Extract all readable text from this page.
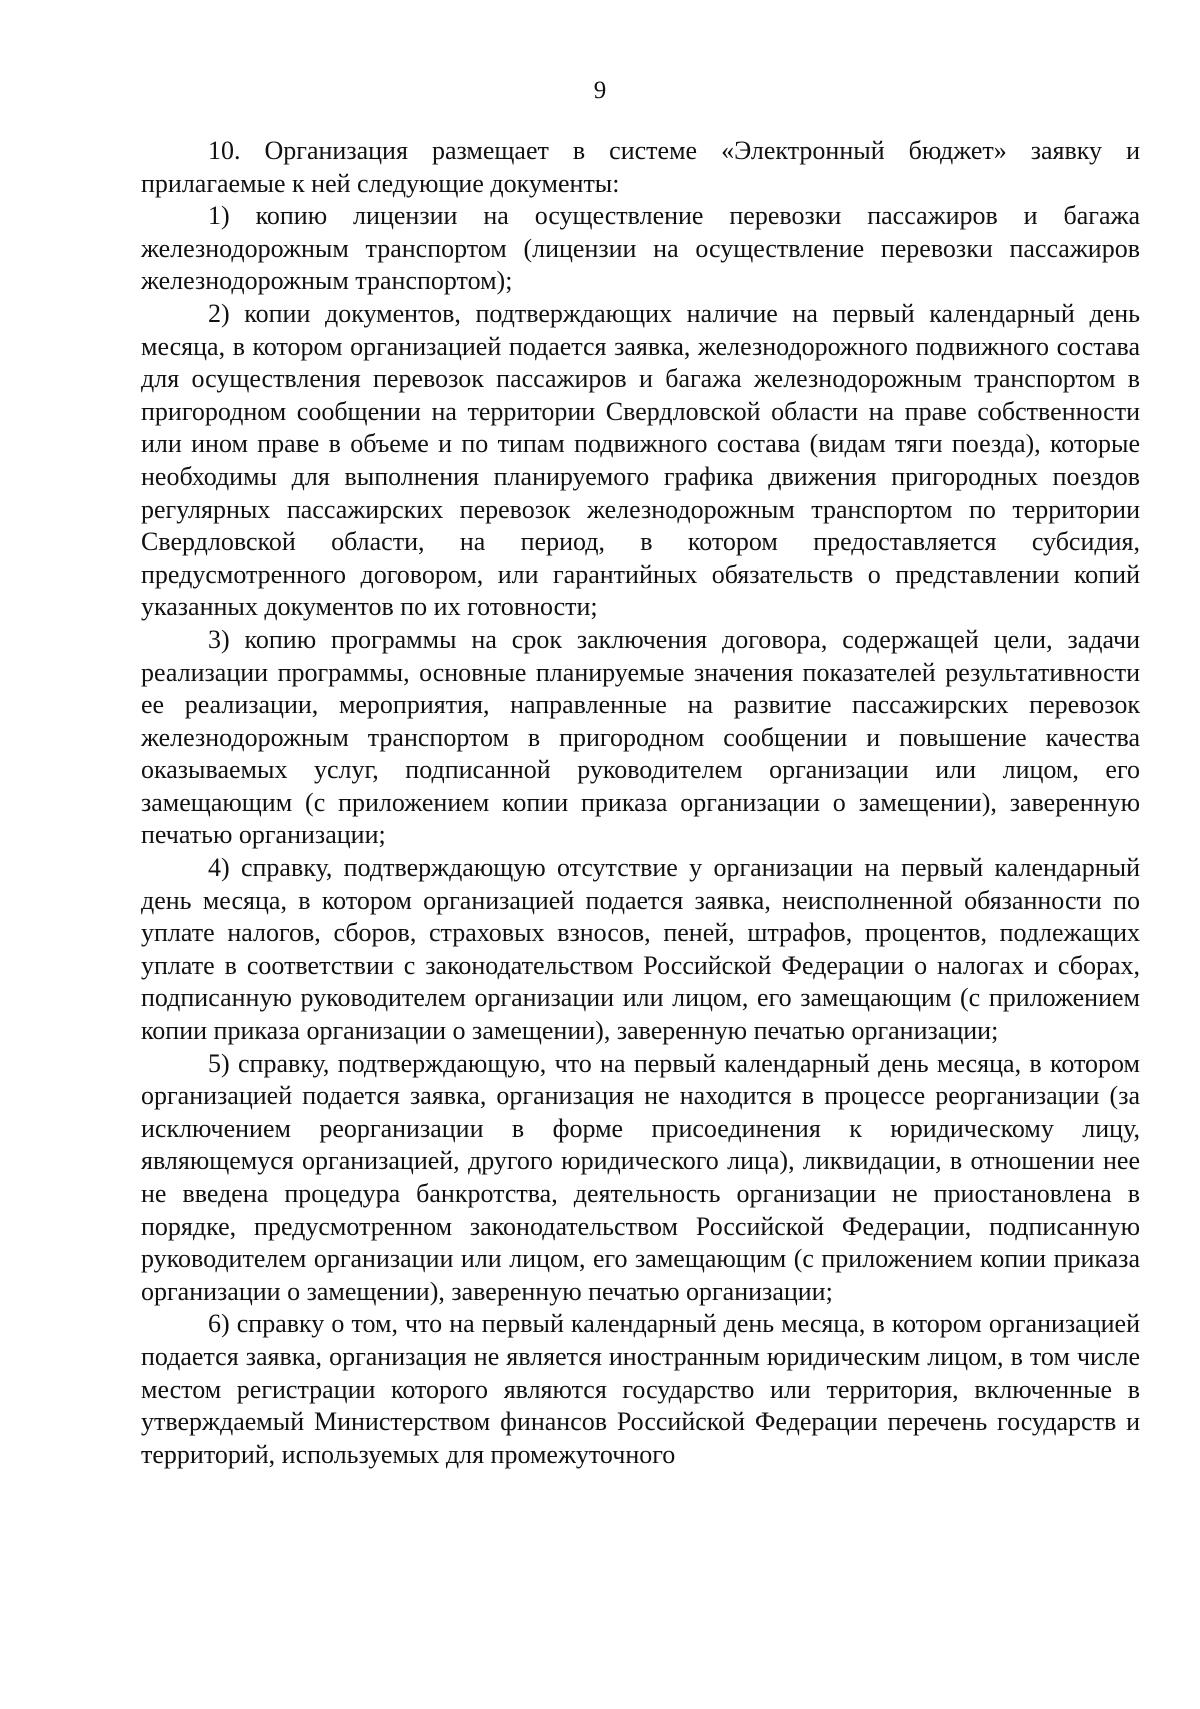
9

10. Организация размещает в системе «Электронный бюджет» заявку и прилагаемые к ней следующие документы:

1) копию лицензии на осуществление перевозки пассажиров и багажа железнодорожным транспортом (лицензии на осуществление перевозки пассажиров железнодорожным транспортом);

2) копии документов, подтверждающих наличие на первый календарный день месяца, в котором организацией подается заявка, железнодорожного подвижного состава для осуществления перевозок пассажиров и багажа железнодорожным транспортом в пригородном сообщении на территории Свердловской области на праве собственности или ином праве в объеме и по типам подвижного состава (видам тяги поезда), которые необходимы для выполнения планируемого графика движения пригородных поездов регулярных пассажирских перевозок железнодорожным транспортом по территории Свердловской области, на период, в котором предоставляется субсидия, предусмотренного договором, или гарантийных обязательств о представлении копий указанных документов по их готовности;

3) копию программы на срок заключения договора, содержащей цели, задачи реализации программы, основные планируемые значения показателей результативности ее реализации, мероприятия, направленные на развитие пассажирских перевозок железнодорожным транспортом в пригородном сообщении и повышение качества оказываемых услуг, подписанной руководителем организации или лицом, его замещающим (с приложением копии приказа организации о замещении), заверенную печатью организации;

4) справку, подтверждающую отсутствие у организации на первый календарный день месяца, в котором организацией подается заявка, неисполненной обязанности по уплате налогов, сборов, страховых взносов, пеней, штрафов, процентов, подлежащих уплате в соответствии с законодательством Российской Федерации о налогах и сборах, подписанную руководителем организации или лицом, его замещающим (с приложением копии приказа организации о замещении), заверенную печатью организации;

5) справку, подтверждающую, что на первый календарный день месяца, в котором организацией подается заявка, организация не находится в процессе реорганизации (за исключением реорганизации в форме присоединения к юридическому лицу, являющемуся организацией, другого юридического лица), ликвидации, в отношении нее не введена процедура банкротства, деятельность организации не приостановлена в порядке, предусмотренном законодательством Российской Федерации, подписанную руководителем организации или лицом, его замещающим (с приложением копии приказа организации о замещении), заверенную печатью организации;

6) справку о том, что на первый календарный день месяца, в котором организацией подается заявка, организация не является иностранным юридическим лицом, в том числе местом регистрации которого являются государство или территория, включенные в утверждаемый Министерством финансов Российской Федерации перечень государств и территорий, используемых для промежуточного
